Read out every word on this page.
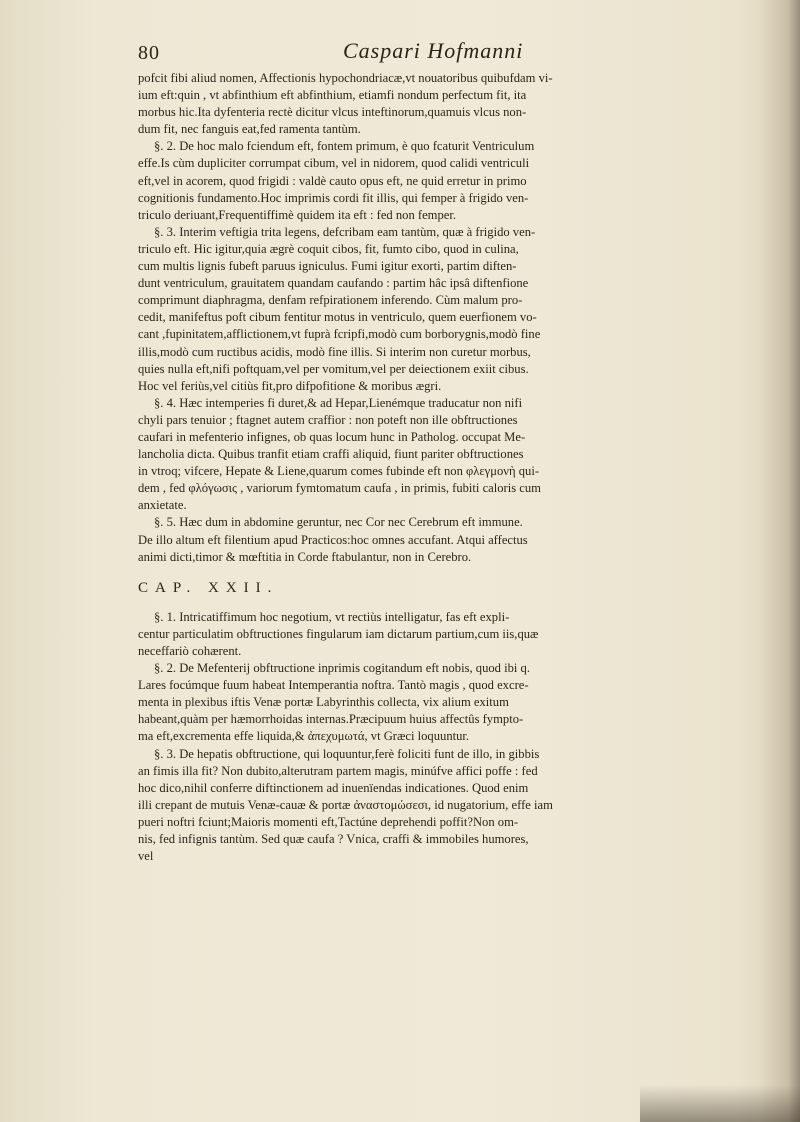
80	Caspari Hofmanni

pofcit fibi aliud nomen, Affectionis hypochondriacæ,vt nouatoribus quibufdam vi-

ium eft:quin , vt abfinthium eft abfinthium, etiamfi nondum perfectum fit, ita

morbus hic.Ita dyfenteria rectè dicitur vlcus inteftinorum,quamuis vlcus non-

dum fit, nec fanguis eat,fed ramenta tantùm.

§. 2. De hoc malo fciendum eft, fontem primum, è quo fcaturit Ventriculum

effe.Is cùm dupliciter corrumpat cibum, vel in nidorem, quod calidi ventriculi

eft,vel in acorem, quod frigidi : valdè cauto opus eft, ne quid erretur in primo

cognitionis fundamento.Hoc imprimis cordi fit illis, qui femper à frigido ven-

triculo deriuant,Frequentiffimè quidem ita eft : fed non femper.

§. 3. Interim veftigia trita legens, defcribam eam tantùm, quæ à frigido ven-

triculo eft. Hic igitur,quia ægrè coquit cibos, fit, fumto cibo, quod in culina,

cum multis lignis fubeft paruus igniculus. Fumi igitur exorti, partim diften-

dunt ventriculum, grauitatem quandam caufando : partim hâc ipsâ diftenfione

comprimunt diaphragma, denfam refpirationem inferendo. Cùm malum pro-

cedit, manifeftus poft cibum fentitur motus in ventriculo, quem euerfionem vo-

cant ,fupinitatem,afflictionem,vt fuprà fcripfi,modò cum borborygnis,modò fine

illis,modò cum ructibus acidis, modò fine illis. Si interim non curetur morbus,

quies nulla eft,nifi poftquam,vel per vomitum,vel per deiectionem exiit cibus.

Hoc vel feriùs,vel citiùs fit,pro difpofitione & moribus ægri.

§. 4. Hæc intemperies fi duret,& ad Hepar,Lienémque traducatur non nifi

chyli pars tenuior ; ftagnet autem craffior : non poteft non ille obftructiones

caufari in mefenterio infignes, ob quas locum hunc in Patholog. occupat Me-

lancholia dicta. Quibus tranfit etiam craffi aliquid, fiunt pariter obftructiones

in vtroq; vifcere, Hepate & Liene,quarum comes fubinde eft non φλεγμονὴ qui-

dem , fed φλόγωσις , variorum fymtomatum caufa , in primis, fubiti caloris cum

anxietate.

§. 5. Hæc dum in abdomine geruntur, nec Cor nec Cerebrum eft immune.

De illo altum eft filentium apud Practicos:hoc omnes accufant. Atqui affectus

animi dicti,timor & mœftitia in Corde ftabulantur, non in Cerebro.

CAP. XXII.

§. 1. Intricatiffimum hoc negotium, vt rectiùs intelligatur, fas eft expli-

centur particulatim obftructiones fingularum iam dictarum partium,cum iis,quæ

neceffariò cohærent.

§. 2. De Mefenterij obftructione inprimis cogitandum eft nobis, quod ibi q.

Lares focúmque fuum habeat Intemperantia noftra. Tantò magis , quod excre-

menta in plexibus iftis Venæ portæ Labyrinthis collecta, vix alium exitum

habeant,quàm per hæmorrhoidas internas.Præcipuum huius affectûs fympto-

ma eft,excrementa effe liquida,& ἀπεχυμωτά, vt Græci loquuntur.

§. 3. De hepatis obftructione, qui loquuntur,ferè foliciti funt de illo, in gibbis

an fimis illa fit? Non dubito,alterutram partem magis, minúfve affici poffe : fed

hoc dico,nihil conferre diftinctionem ad inuenïendas indicationes. Quod enim

illi crepant de mutuis Venæ-cauæ & portæ ἀναστομώσεσι, id nugatorium, effe iam

pueri noftri fciunt;Maioris momenti eft,Tactúne deprehendi poffit?Non om-

nis, fed infignis tantùm. Sed quæ caufa ? Vnica, craffi & immobiles humores,

vel
